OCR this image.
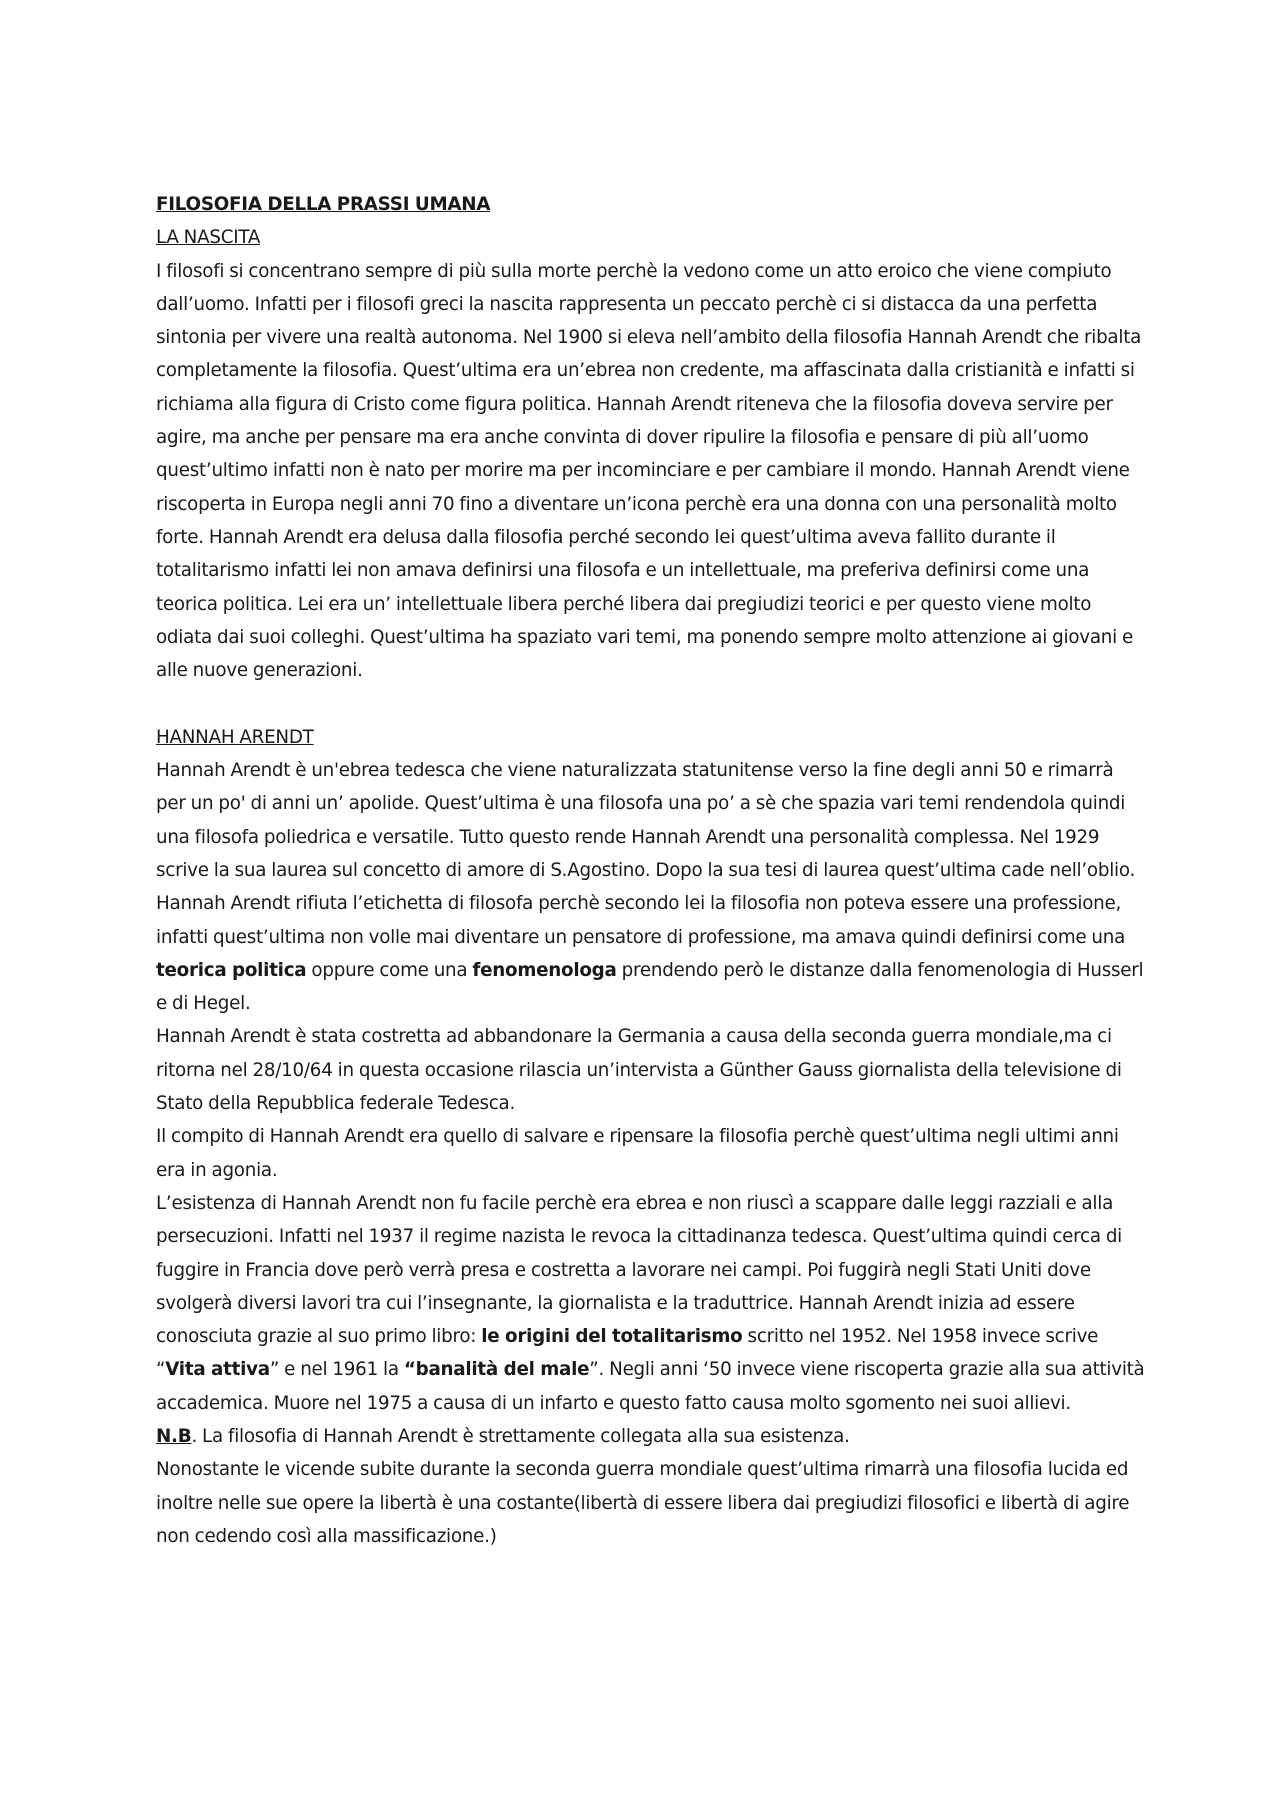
FILOSOFIA DELLA PRASSI UMANA
LA NASCITA

I filosofi si concentrano sempre di più sulla morte perchè la vedono come un atto eroico che viene compiuto dall’uomo. Infatti per i filosofi greci la nascita rappresenta un peccato perchè ci si distacca da una perfetta sintonia per vivere una realtà autonoma. Nel 1900 si eleva nell’ambito della filosofia Hannah Arendt che ribalta completamente la filosofia. Quest’ultima era un’ebrea non credente, ma affascinata dalla cristianità e infatti si richiama alla figura di Cristo come figura politica. Hannah Arendt riteneva che la filosofia doveva servire per agire, ma anche per pensare ma era anche convinta di dover ripulire la filosofia e pensare di più all’uomo quest’ultimo infatti non è nato per morire ma per incominciare e per cambiare il mondo. Hannah Arendt viene riscoperta in Europa negli anni 70 fino a diventare un’icona perchè era una donna con una personalità molto forte. Hannah Arendt era delusa dalla filosofia perché secondo lei quest’ultima aveva fallito durante il totalitarismo infatti lei non amava definirsi una filosofa e un intellettuale, ma preferiva definirsi come una teorica politica. Lei era un’ intellettuale libera perché libera dai pregiudizi teorici e per questo viene molto odiata dai suoi colleghi. Quest’ultima ha spaziato vari temi, ma ponendo sempre molto attenzione ai giovani e alle nuove generazioni.

HANNAH ARENDT

Hannah Arendt è un'ebrea tedesca che viene naturalizzata statunitense verso la fine degli anni 50 e rimarrà per un po' di anni un’ apolide. Quest’ultima è una filosofa una po’ a sè che spazia vari temi rendendola quindi una filosofa poliedrica e versatile. Tutto questo rende Hannah Arendt una personalità complessa. Nel 1929 scrive la sua laurea sul concetto di amore di S.Agostino. Dopo la sua tesi di laurea quest’ultima cade nell’oblio. Hannah Arendt rifiuta l’etichetta di filosofa perchè secondo lei la filosofia non poteva essere una professione, infatti quest’ultima non volle mai diventare un pensatore di professione, ma amava quindi definirsi come una teorica politica oppure come una fenomenologa prendendo però le distanze dalla fenomenologia di Husserl e di Hegel.

Hannah Arendt è stata costretta ad abbandonare la Germania a causa della seconda guerra mondiale,ma ci ritorna nel 28/10/64 in questa occasione rilascia un’intervista a Günther Gauss giornalista della televisione di Stato della Repubblica federale Tedesca.

Il compito di Hannah Arendt era quello di salvare e ripensare la filosofia perchè quest’ultima negli ultimi anni era in agonia.

L’esistenza di Hannah Arendt non fu facile perchè era ebrea e non riuscì a scappare dalle leggi razziali e alla persecuzioni. Infatti nel 1937 il regime nazista le revoca la cittadinanza tedesca. Quest’ultima quindi cerca di fuggire in Francia dove però verrà presa e costretta a lavorare nei campi. Poi fuggirà negli Stati Uniti dove svolgerà diversi lavori tra cui l’insegnante, la giornalista e la traduttrice. Hannah Arendt inizia ad essere conosciuta grazie al suo primo libro: le origini del totalitarismo scritto nel 1952. Nel 1958 invece scrive “Vita attiva” e nel 1961 la “banalità del male”. Negli anni ‘50 invece viene riscoperta grazie alla sua attività accademica. Muore nel 1975 a causa di un infarto e questo fatto causa molto sgomento nei suoi allievi.

N.B. La filosofia di Hannah Arendt è strettamente collegata alla sua esistenza.

Nonostante le vicende subite durante la seconda guerra mondiale quest’ultima rimarrà una filosofia lucida ed inoltre nelle sue opere la libertà è una costante(libertà di essere libera dai pregiudizi filosofici e libertà di agire non cedendo così alla massificazione.)
